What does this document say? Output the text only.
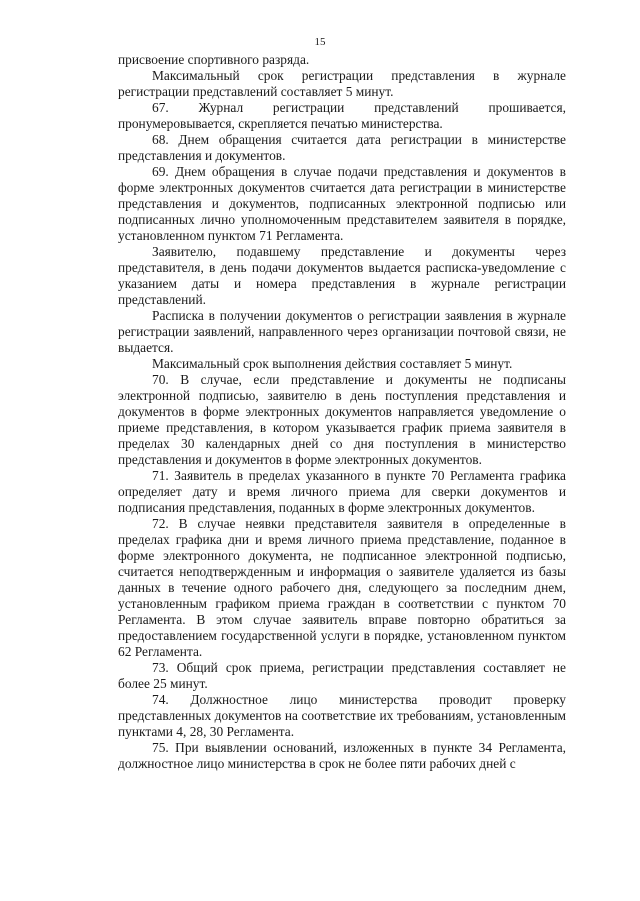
15

присвоение спортивного разряда.

Максимальный срок регистрации представления в журнале регистрации представлений составляет 5 минут.

67. Журнал регистрации представлений прошивается, пронумеровывается, скрепляется печатью министерства.

68. Днем обращения считается дата регистрации в министерстве представления и документов.

69. Днем обращения в случае подачи представления и документов в форме электронных документов считается дата регистрации в министерстве представления и документов, подписанных электронной подписью или подписанных лично уполномоченным представителем заявителя в порядке, установленном пунктом 71 Регламента.

Заявителю, подавшему представление и документы через представителя, в день подачи документов выдается расписка-уведомление с указанием даты и номера представления в журнале регистрации представлений.

Расписка в получении документов о регистрации заявления в журнале регистрации заявлений, направленного через организации почтовой связи, не выдается.

Максимальный срок выполнения действия составляет 5 минут.

70. В случае, если представление и документы не подписаны электронной подписью, заявителю в день поступления представления и документов в форме электронных документов направляется уведомление о приеме представления, в котором указывается график приема заявителя в пределах 30 календарных дней со дня поступления в министерство представления и документов в форме электронных документов.

71. Заявитель в пределах указанного в пункте 70 Регламента графика определяет дату и время личного приема для сверки документов и подписания представления, поданных в форме электронных документов.

72. В случае неявки представителя заявителя в определенные в пределах графика дни и время личного приема представление, поданное в форме электронного документа, не подписанное электронной подписью, считается неподтвержденным и информация о заявителе удаляется из базы данных в течение одного рабочего дня, следующего за последним днем, установленным графиком приема граждан в соответствии с пунктом 70 Регламента. В этом случае заявитель вправе повторно обратиться за предоставлением государственной услуги в порядке, установленном пунктом 62 Регламента.

73. Общий срок приема, регистрации представления составляет не более 25 минут.

74. Должностное лицо министерства проводит проверку представленных документов на соответствие их требованиям, установленным пунктами 4, 28, 30 Регламента.

75. При выявлении оснований, изложенных в пункте 34 Регламента, должностное лицо министерства в срок не более пяти рабочих дней с
